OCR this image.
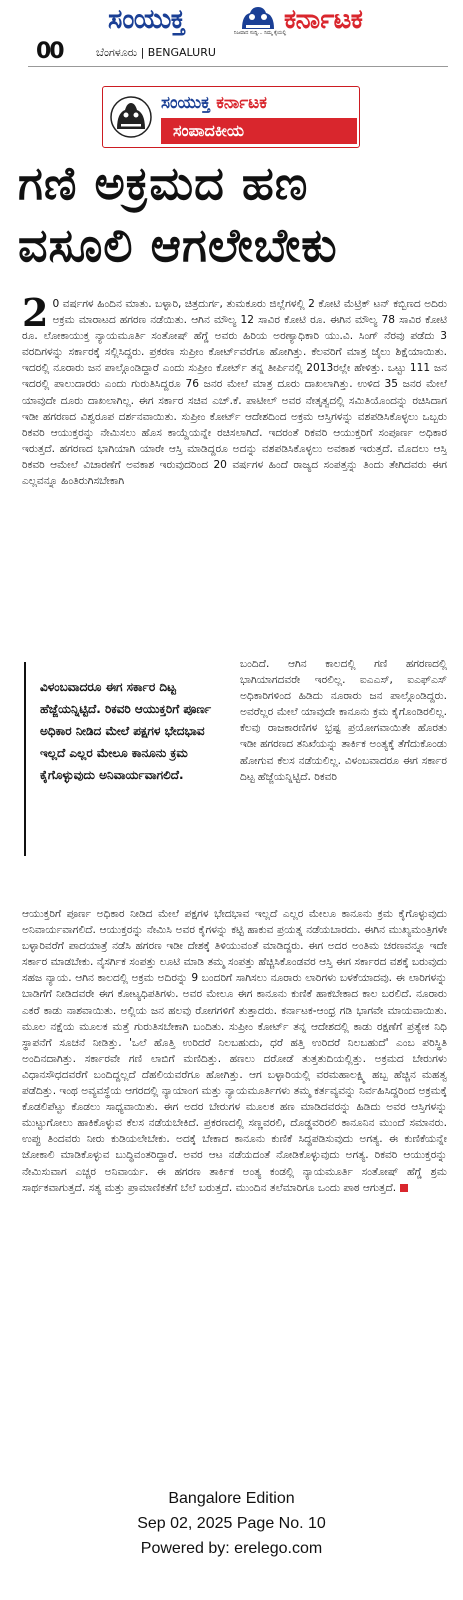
ಸಂಯುಕ್ತ	ಕರ್ನಾಟಕ
ನಿಜವಾದ ಸುದ್ದಿ... ನಿಮ್ಮ ಕೈಯಲ್ಲಿ
00	ಬೆಂಗಳೂರು | BENGALURU
ಸಂಯುಕ್ತ ಕರ್ನಾಟಕ
ಸಂಪಾದಕೀಯ
ಗಣಿ ಅಕ್ರಮದ ಹಣ
ವಸೂಲಿ ಆಗಲೇಬೇಕು
2 0 ವರ್ಷಗಳ ಹಿಂದಿನ ಮಾತು. ಬಳ್ಳಾರಿ, ಚಿತ್ರದುರ್ಗ, ತುಮಕೂರು ಜಿಲ್ಲೆಗಳಲ್ಲಿ 2 ಕೋಟಿ ಮೆಟ್ರಿಕ್ ಟನ್ ಕಬ್ಬಿಣದ ಅದಿರು ಅಕ್ರಮ ಮಾರಾಟದ ಹಗರಣ ನಡೆಯಿತು. ಆಗಿನ ಮೌಲ್ಯ 12 ಸಾವಿರ ಕೋಟಿ ರೂ. ಈಗಿನ ಮೌಲ್ಯ 78 ಸಾವಿರ ಕೋಟಿ ರೂ. ಲೋಕಾಯುಕ್ತ ನ್ಯಾಯಮೂರ್ತಿ ಸಂತೋಷ್ ಹೆಗ್ಡೆ ಅವರು ಹಿರಿಯ ಅರಣ್ಯಾಧಿಕಾರಿ ಯು.ವಿ. ಸಿಂಗ್ ನೆರವು ಪಡೆದು 3 ವರದಿಗಳನ್ನು ಸರ್ಕಾರಕ್ಕೆ ಸಲ್ಲಿಸಿದ್ದರು. ಪ್ರಕರಣ ಸುಪ್ರೀಂ ಕೋರ್ಟ್‌ವರೆಗೂ ಹೋಗಿತ್ತು. ಕೆಲವರಿಗೆ ಮಾತ್ರ ಜೈಲು ಶಿಕ್ಷೆಯಾಯಿತು. ಇದರಲ್ಲಿ ನೂರಾರು ಜನ ಪಾಲ್ಗೊಂಡಿದ್ದಾರೆ ಎಂದು ಸುಪ್ರೀಂ ಕೋರ್ಟ್ ತನ್ನ ತೀರ್ಪಿನಲ್ಲಿ 2013ರಲ್ಲೇ ಹೇಳಿತ್ತು. ಒಟ್ಟು 111 ಜನ ಇದರಲ್ಲಿ ಪಾಲುದಾರರು ಎಂದು ಗುರುತಿಸಿದ್ದರೂ 76 ಜನರ ಮೇಲೆ ಮಾತ್ರ ದೂರು ದಾಖಲಾಗಿತ್ತು. ಉಳಿದ 35 ಜನರ ಮೇಲೆ ಯಾವುದೇ ದೂರು ದಾಖಲಾಗಿಲ್ಲ. ಈಗ ಸರ್ಕಾರ ಸಚಿವ ಎಚ್.ಕೆ. ಪಾಟೀಲ್ ಅವರ ನೇತೃತ್ವದಲ್ಲಿ ಸಮಿತಿಯೊಂದನ್ನು ರಚಿಸಿದಾಗ ಇಡೀ ಹಗರಣದ ವಿಶ್ವರೂಪ ದರ್ಶನವಾಯಿತು. ಸುಪ್ರೀಂ ಕೋರ್ಟ್ ಆದೇಶದಿಂದ ಅಕ್ರಮ ಆಸ್ತಿಗಳನ್ನು ವಶಪಡಿಸಿಕೊಳ್ಳಲು ಒಬ್ಬರು ರಿಕವರಿ ಆಯುಕ್ತರನ್ನು ನೇಮಿಸಲು ಹೊಸ ಕಾಯ್ದೆಯನ್ನೇ ರಚಿಸಲಾಗಿದೆ. ಇದರಂತೆ ರಿಕವರಿ ಆಯುಕ್ತರಿಗೆ ಸಂಪೂರ್ಣ ಅಧಿಕಾರ ಇರುತ್ತದೆ. ಹಗರಣದ ಭಾಗಿಯಾಗಿ ಯಾರೇ ಆಸ್ತಿ ಮಾಡಿದ್ದರೂ ಅದನ್ನು ವಶಪಡಿಸಿಕೊಳ್ಳಲು ಅವಕಾಶ ಇರುತ್ತದೆ. ಮೊದಲು ಆಸ್ತಿ ರಿಕವರಿ ಆಮೇಲೆ ವಿಚಾರಣೆಗೆ ಅವಕಾಶ ಇರುವುದರಿಂದ 20 ವರ್ಷಗಳ ಹಿಂದೆ ರಾಜ್ಯದ ಸಂಪತ್ತನ್ನು ತಿಂದು ತೇಗಿದವರು ಈಗ ಎಲ್ಲವನ್ನೂ ಹಿಂತಿರುಗಿಸಬೇಕಾಗಿ

ವಿಳಂಬವಾದರೂ ಈಗ ಸರ್ಕಾರ ದಿಟ್ಟ ಹೆಜ್ಜೆಯನ್ನಿಟ್ಟಿದೆ. ರಿಕವರಿ ಆಯುಕ್ತರಿಗೆ ಪೂರ್ಣ ಅಧಿಕಾರ ನೀಡಿದ ಮೇಲೆ ಪಕ್ಷಗಳ ಭೇದಭಾವ ಇಲ್ಲದೆ ಎಲ್ಲರ ಮೇಲೂ ಕಾನೂನು ಕ್ರಮ ಕೈಗೊಳ್ಳುವುದು ಅನಿವಾರ್ಯವಾಗಲಿದೆ.

ಬಂದಿದೆ. ಆಗಿನ ಕಾಲದಲ್ಲಿ ಗಣಿ ಹಗರಣದಲ್ಲಿ ಭಾಗಿಯಾಗದವರೇ ಇರಲಿಲ್ಲ. ಐಎಎಸ್, ಐಎಫ್‌ಎಸ್ ಅಧಿಕಾರಿಗಳಿಂದ ಹಿಡಿದು ನೂರಾರು ಜನ ಪಾಲ್ಗೊಂಡಿದ್ದರು. ಅವರೆಲ್ಲರ ಮೇಲೆ ಯಾವುದೇ ಕಾನೂನು ಕ್ರಮ ಕೈಗೊಂಡಿರಲಿಲ್ಲ. ಕೆಲವು ರಾಜಕಾರಣಿಗಳ ಭ್ರಷ್ಟ ಪ್ರಯೋಗವಾಯಿತೇ ಹೊರತು ಇಡೀ ಹಗರಣದ ತನಿಖೆಯನ್ನು ತಾರ್ಕಿಕ ಅಂತ್ಯಕ್ಕೆ ತೆಗೆದುಕೊಂಡು ಹೋಗುವ ಕೆಲಸ ನಡೆಯಲಿಲ್ಲ. ವಿಳಂಬವಾದರೂ ಈಗ ಸರ್ಕಾರ ದಿಟ್ಟ ಹೆಜ್ಜೆಯನ್ನಿಟ್ಟಿದೆ. ರಿಕವರಿ
ಆಯುಕ್ತರಿಗೆ ಪೂರ್ಣ ಅಧಿಕಾರ ನೀಡಿದ ಮೇಲೆ ಪಕ್ಷಗಳ ಭೇದಭಾವ ಇಲ್ಲದೆ ಎಲ್ಲರ ಮೇಲೂ ಕಾನೂನು ಕ್ರಮ ಕೈಗೊಳ್ಳುವುದು ಅನಿವಾರ್ಯವಾಗಲಿದೆ. ಆಯುಕ್ತರನ್ನು ನೇಮಿಸಿ ಅವರ ಕೈಗಳನ್ನು ಕಟ್ಟಿ ಹಾಕುವ ಪ್ರಯತ್ನ ನಡೆಯಬಾರದು. ಈಗಿನ ಮುಖ್ಯಮಂತ್ರಿಗಳೇ ಬಳ್ಳಾರಿವರೆಗೆ ಪಾದಯಾತ್ರೆ ನಡೆಸಿ ಹಗರಣ ಇಡೀ ದೇಶಕ್ಕೆ ತಿಳಿಯುವಂತೆ ಮಾಡಿದ್ದರು. ಈಗ ಅದರ ಅಂತಿಮ ಚರಣವನ್ನೂ ಇದೇ ಸರ್ಕಾರ ಮಾಡಬೇಕು. ನೈಸರ್ಗಿಕ ಸಂಪತ್ತು ಲೂಟಿ ಮಾಡಿ ತಮ್ಮ ಸಂಪತ್ತು ಹೆಚ್ಚಿಸಿಕೊಂಡವರ ಆಸ್ತಿ ಈಗ ಸರ್ಕಾರದ ವಶಕ್ಕೆ ಬರುವುದು ಸಹಜ ನ್ಯಾಯ. ಆಗಿನ ಕಾಲದಲ್ಲಿ ಅಕ್ರಮ ಅದಿರನ್ನು 9 ಬಂದರಿಗೆ ಸಾಗಿಸಲು ನೂರಾರು ಲಾರಿಗಳು ಬಳಕೆಯಾದವು. ಈ ಲಾರಿಗಳನ್ನು ಬಾಡಿಗೆಗೆ ನೀಡಿದವರೇ ಈಗ ಕೋಟ್ಯಧಿಪತಿಗಳು. ಅವರ ಮೇಲೂ ಈಗ ಕಾನೂನು ಕುಣಿಕೆ ಹಾಕಬೇಕಾದ ಕಾಲ ಬರಲಿದೆ. ನೂರಾರು ಎಕರೆ ಕಾಡು ನಾಶವಾಯಿತು. ಅಲ್ಲಿಯ ಜನ ಹಲವು ರೋಗಗಳಿಗೆ ತುತ್ತಾದರು. ಕರ್ನಾಟಕ-ಆಂಧ್ರ ಗಡಿ ಭಾಗವೇ ಮಾಯವಾಯಿತು. ಮೂಲ ನಕ್ಷೆಯ ಮೂಲಕ ಮತ್ತೆ ಗುರುತಿಸಬೇಕಾಗಿ ಬಂದಿತು. ಸುಪ್ರೀಂ ಕೋರ್ಟ್ ತನ್ನ ಆದೇಶದಲ್ಲಿ ಕಾಡು ರಕ್ಷಣೆಗೆ ಪ್ರತ್ಯೇಕ ನಿಧಿ ಸ್ಥಾಪನೆಗೆ ಸೂಚನೆ ನೀಡಿತ್ತು. 'ಒಲೆ ಹೊತ್ತಿ ಉರಿದರೆ ನಿಲಬಹುದು, ಧರೆ ಹತ್ತಿ ಉರಿದರೆ ನಿಲಬಹುದೆ' ಎಂಬ ಪರಿಸ್ಥಿತಿ ಅಂದಿನದಾಗಿತ್ತು. ಸರ್ಕಾರವೇ ಗಣಿ ಲಾಬಿಗೆ ಮಣಿದಿತ್ತು. ಹಣಲು ದರೋಡೆ ತುತ್ತತುದಿಯಲ್ಲಿತ್ತು. ಅಕ್ರಮದ ಬೇರುಗಳು ವಿಧಾನಸೌಧದವರೆಗೆ ಬಂದಿದ್ದಲ್ಲದೆ ದೆಹಲಿಯವರೆಗೂ ಹೋಗಿತ್ತು. ಆಗ ಬಳ್ಳಾರಿಯಲ್ಲಿ ವರಮಹಾಲಕ್ಷ್ಮಿ ಹಬ್ಬ ಹೆಚ್ಚಿನ ಮಹತ್ವ ಪಡೆದಿತ್ತು. ಇಂಥ ಅವ್ಯವಸ್ಥೆಯ ಆಗರದಲ್ಲಿ ನ್ಯಾಯಾಂಗ ಮತ್ತು ನ್ಯಾಯಮೂರ್ತಿಗಳು ತಮ್ಮ ಕರ್ತವ್ಯವನ್ನು ನಿರ್ವಹಿಸಿದ್ದರಿಂದ ಅಕ್ರಮಕ್ಕೆ ಕೊಡಲಿಪೆಟ್ಟು ಕೊಡಲು ಸಾಧ್ಯವಾಯಿತು. ಈಗ ಅದರ ಬೇರುಗಳ ಮೂಲಕ ಹಣ ಮಾಡಿದವರನ್ನು ಹಿಡಿದು ಅವರ ಆಸ್ತಿಗಳನ್ನು ಮುಟ್ಟುಗೋಲು ಹಾಕಿಕೊಳ್ಳುವ ಕೆಲಸ ನಡೆಯಬೇಕಿದೆ. ಪ್ರಕರಣದಲ್ಲಿ ಸಣ್ಣವರಲಿ, ದೊಡ್ಡವರಿರಲಿ ಕಾನೂನಿನ ಮುಂದೆ ಸಮಾನರು. ಉಪ್ಪು ತಿಂದವರು ನೀರು ಕುಡಿಯಲೇಬೇಕು. ಅದಕ್ಕೆ ಬೇಕಾದ ಕಾನೂನು ಕುಣಿಕೆ ಸಿದ್ಧಪಡಿಸುವುದು ಅಗತ್ಯ. ಈ ಕುಣಿಕೆಯನ್ನೇ ಜೋಕಾಲಿ ಮಾಡಿಕೊಳ್ಳುವ ಬುದ್ಧಿವಂತರಿದ್ದಾರೆ. ಅವರ ಆಟ ನಡೆಯದಂತೆ ನೋಡಿಕೊಳ್ಳುವುದು ಅಗತ್ಯ. ರಿಕವರಿ ಆಯುಕ್ತರನ್ನು ನೇಮಿಸುವಾಗ ಎಚ್ಚರ ಅನಿವಾರ್ಯ. ಈ ಹಗರಣ ತಾರ್ಕಿಕ ಅಂತ್ಯ ಕಂಡಲ್ಲಿ ನ್ಯಾಯಮೂರ್ತಿ ಸಂತೋಷ್ ಹೆಗ್ಡೆ ಶ್ರಮ ಸಾರ್ಥಕವಾಗುತ್ತದೆ. ಸತ್ಯ ಮತ್ತು ಪ್ರಾಮಾಣಿಕತೆಗೆ ಬೆಲೆ ಬರುತ್ತದೆ. ಮುಂದಿನ ತಲೆಮಾರಿಗೂ ಒಂದು ಪಾಠ ಆಗುತ್ತದೆ.
Bangalore Edition
Sep 02, 2025 Page No. 10
Powered by: erelego.com
